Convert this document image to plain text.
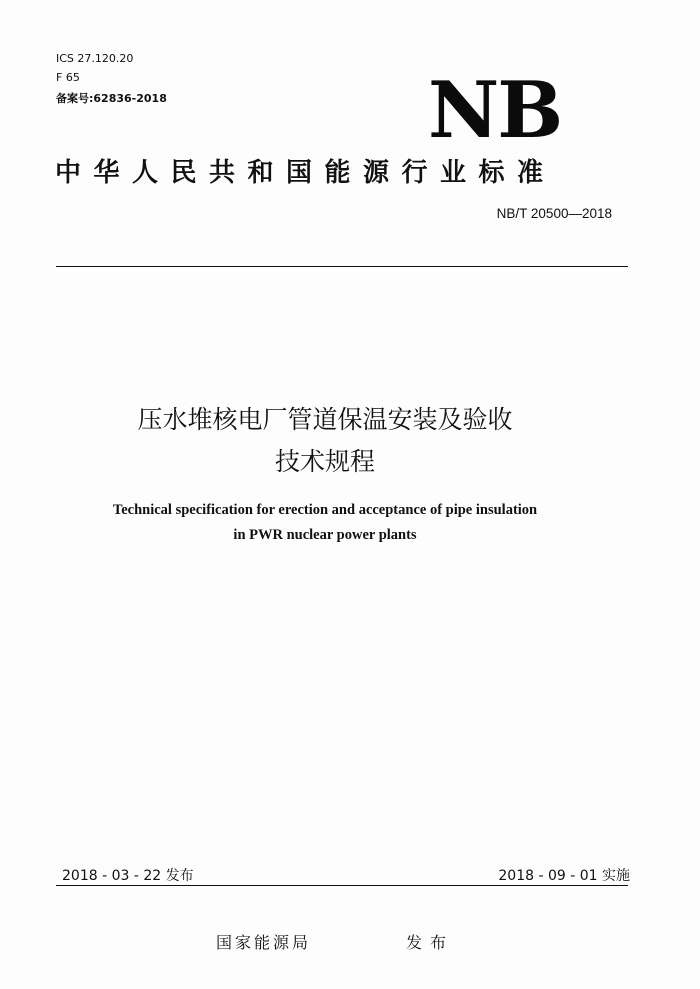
ICS 27.120.20
F 65
备案号:62836-2018	NB
中华人民共和国能源行业标准
NB/T 20500—2018
压水堆核电厂管道保温安装及验收
技术规程
Technical specification for erection and acceptance of pipe insulation
in PWR nuclear power plants
2018 - 03 - 22 发布	2018 - 09 - 01 实施
国家能源局	发布
